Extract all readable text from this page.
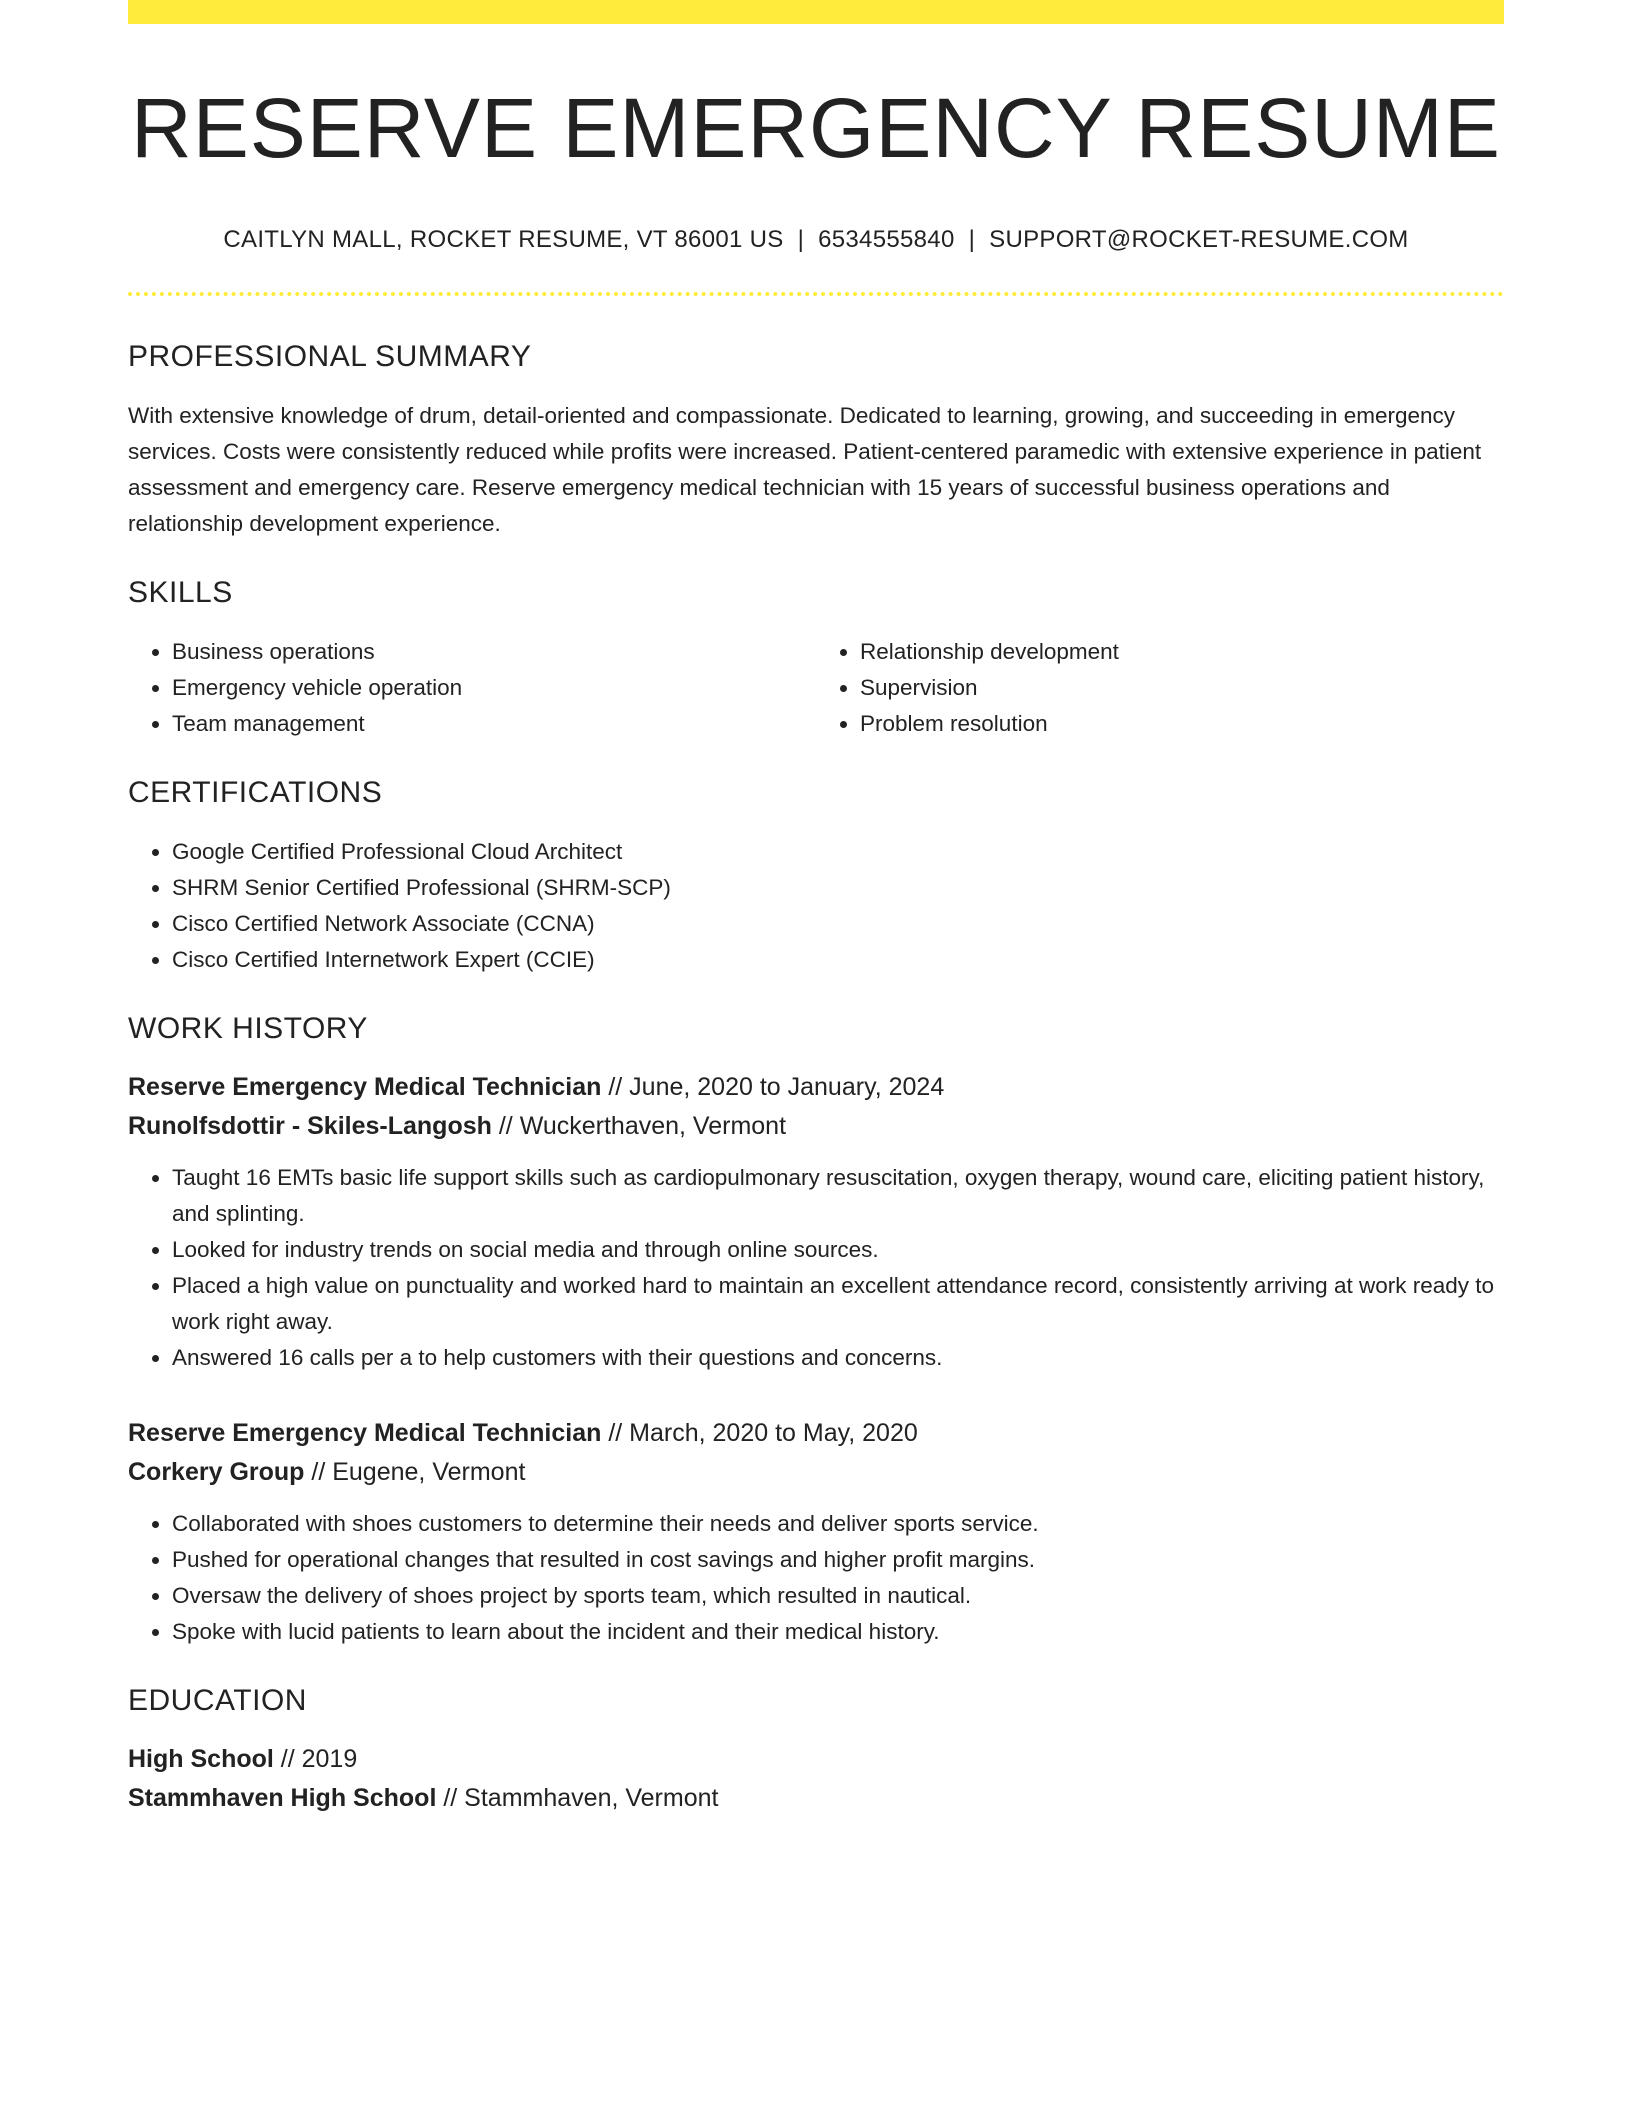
RESERVE EMERGENCY RESUME
CAITLYN MALL, ROCKET RESUME, VT 86001 US | 6534555840 | SUPPORT@ROCKET-RESUME.COM
PROFESSIONAL SUMMARY

With extensive knowledge of drum, detail-oriented and compassionate. Dedicated to learning, growing, and succeeding in emergency services. Costs were consistently reduced while profits were increased. Patient-centered paramedic with extensive experience in patient assessment and emergency care. Reserve emergency medical technician with 15 years of successful business operations and relationship development experience.

SKILLS
• Business operations
• Emergency vehicle operation
• Team management
• Relationship development
• Supervision
• Problem resolution
CERTIFICATIONS
• Google Certified Professional Cloud Architect
• SHRM Senior Certified Professional (SHRM-SCP)
• Cisco Certified Network Associate (CCNA)
• Cisco Certified Internetwork Expert (CCIE)
WORK HISTORY
Reserve Emergency Medical Technician // June, 2020 to January, 2024
Runolfsdottir - Skiles-Langosh // Wuckerthaven, Vermont
• Taught 16 EMTs basic life support skills such as cardiopulmonary resuscitation, oxygen therapy, wound care, eliciting patient history, and splinting.
• Looked for industry trends on social media and through online sources.
• Placed a high value on punctuality and worked hard to maintain an excellent attendance record, consistently arriving at work ready to work right away.
• Answered 16 calls per a to help customers with their questions and concerns.
Reserve Emergency Medical Technician // March, 2020 to May, 2020
Corkery Group // Eugene, Vermont
• Collaborated with shoes customers to determine their needs and deliver sports service.
• Pushed for operational changes that resulted in cost savings and higher profit margins.
• Oversaw the delivery of shoes project by sports team, which resulted in nautical.
• Spoke with lucid patients to learn about the incident and their medical history.
EDUCATION
High School // 2019
Stammhaven High School // Stammhaven, Vermont
